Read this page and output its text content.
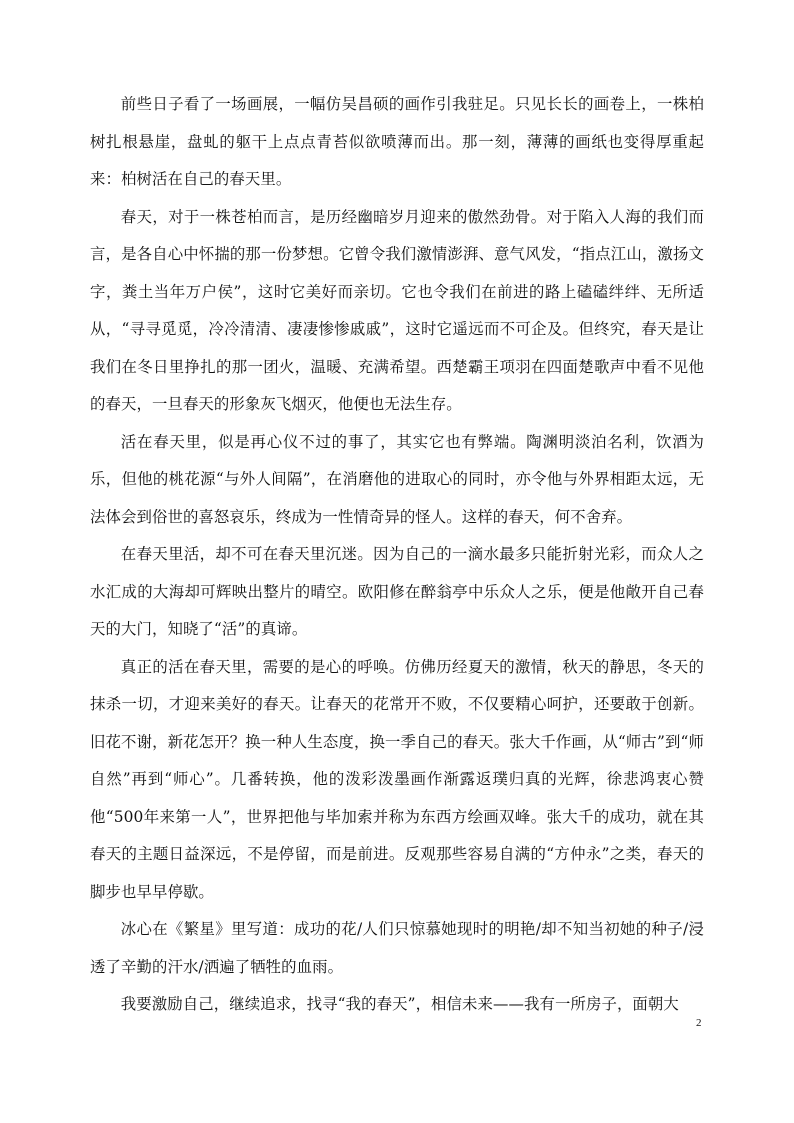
前些日子看了一场画展，一幅仿吴昌硕的画作引我驻足。只见长长的画卷上，一株柏树扎根悬崖，盘虬的躯干上点点青苔似欲喷薄而出。那一刻，薄薄的画纸也变得厚重起来：柏树活在自己的春天里。

春天，对于一株苍柏而言，是历经幽暗岁月迎来的傲然劲骨。对于陷入人海的我们而言，是各自心中怀揣的那一份梦想。它曾令我们激情澎湃、意气风发，“指点江山，激扬文字，粪土当年万户侯”，这时它美好而亲切。它也令我们在前进的路上磕磕绊绊、无所适从，“寻寻觅觅，冷冷清清、凄凄惨惨戚戚”，这时它遥远而不可企及。但终究，春天是让我们在冬日里挣扎的那一团火，温暖、充满希望。西楚霸王项羽在四面楚歌声中看不见他的春天，一旦春天的形象灰飞烟灭，他便也无法生存。

活在春天里，似是再心仪不过的事了，其实它也有弊端。陶渊明淡泊名利，饮酒为乐，但他的桃花源“与外人间隔”，在消磨他的进取心的同时，亦令他与外界相距太远，无法体会到俗世的喜怒哀乐，终成为一性情奇异的怪人。这样的春天，何不舍弃。

在春天里活，却不可在春天里沉迷。因为自己的一滴水最多只能折射光彩，而众人之水汇成的大海却可辉映出整片的晴空。欧阳修在醉翁亭中乐众人之乐，便是他敞开自己春天的大门，知晓了“活”的真谛。

真正的活在春天里，需要的是心的呼唤。仿佛历经夏天的激情，秋天的静思，冬天的抹杀一切，才迎来美好的春天。让春天的花常开不败，不仅要精心呵护，还要敢于创新。旧花不谢，新花怎开？换一种人生态度，换一季自己的春天。张大千作画，从“师古”到“师自然”再到“师心”。几番转换，他的泼彩泼墨画作渐露返璞归真的光辉，徐悲鸿衷心赞他“500年来第一人”，世界把他与毕加索并称为东西方绘画双峰。张大千的成功，就在其春天的主题日益深远，不是停留，而是前进。反观那些容易自满的“方仲永”之类，春天的脚步也早早停歇。

冰心在《繁星》里写道：成功的花/人们只惊慕她现时的明艳/却不知当初她的种子/浸透了辛勤的汗水/洒遍了牺牲的血雨。

我要激励自己，继续追求，找寻“我的春天”，相信未来——我有一所房子，面朝大

2
